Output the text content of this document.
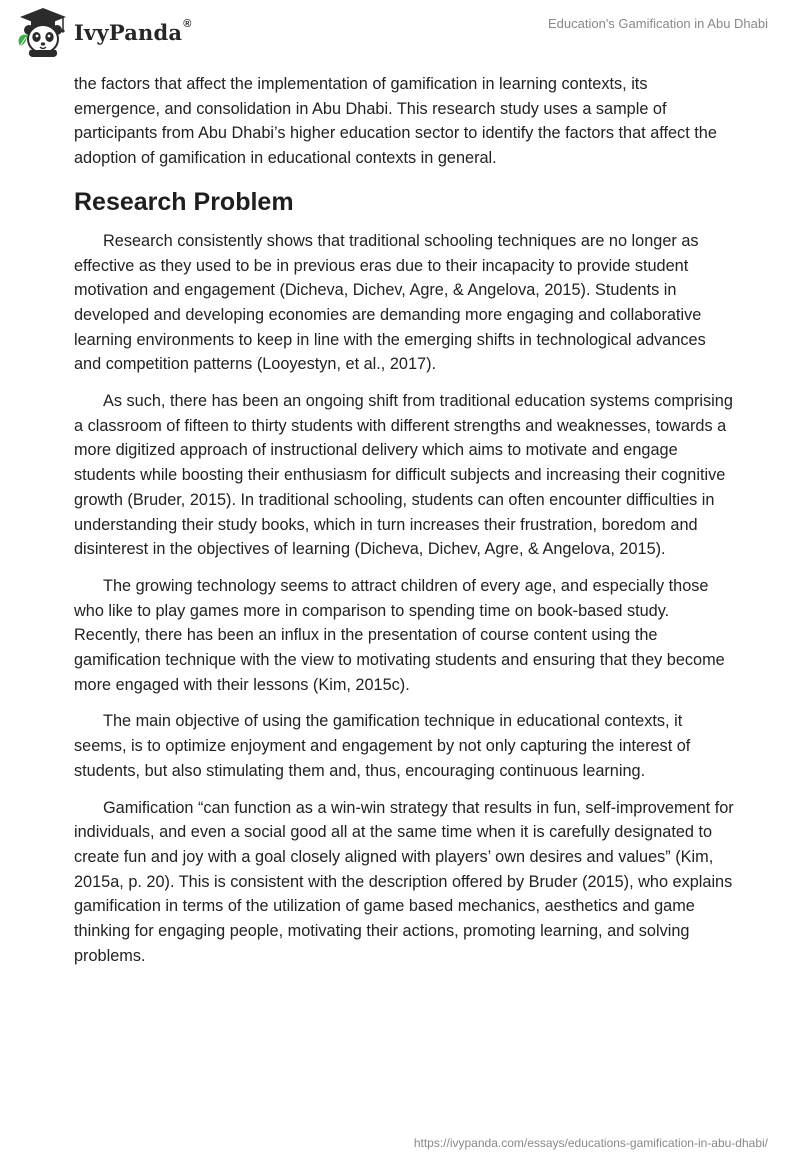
IvyPanda®	Education's Gamification in Abu Dhabi

the factors that affect the implementation of gamification in learning contexts, its emergence, and consolidation in Abu Dhabi. This research study uses a sample of participants from Abu Dhabi’s higher education sector to identify the factors that affect the adoption of gamification in educational contexts in general.

Research Problem

Research consistently shows that traditional schooling techniques are no longer as effective as they used to be in previous eras due to their incapacity to provide student motivation and engagement (Dicheva, Dichev, Agre, & Angelova, 2015). Students in developed and developing economies are demanding more engaging and collaborative learning environments to keep in line with the emerging shifts in technological advances and competition patterns (Looyestyn, et al., 2017).

As such, there has been an ongoing shift from traditional education systems comprising a classroom of fifteen to thirty students with different strengths and weaknesses, towards a more digitized approach of instructional delivery which aims to motivate and engage students while boosting their enthusiasm for difficult subjects and increasing their cognitive growth (Bruder, 2015). In traditional schooling, students can often encounter difficulties in understanding their study books, which in turn increases their frustration, boredom and disinterest in the objectives of learning (Dicheva, Dichev, Agre, & Angelova, 2015).

The growing technology seems to attract children of every age, and especially those who like to play games more in comparison to spending time on book-based study. Recently, there has been an influx in the presentation of course content using the gamification technique with the view to motivating students and ensuring that they become more engaged with their lessons (Kim, 2015c).

The main objective of using the gamification technique in educational contexts, it seems, is to optimize enjoyment and engagement by not only capturing the interest of students, but also stimulating them and, thus, encouraging continuous learning.

Gamification “can function as a win-win strategy that results in fun, self-improvement for individuals, and even a social good all at the same time when it is carefully designated to create fun and joy with a goal closely aligned with players’ own desires and values” (Kim, 2015a, p. 20). This is consistent with the description offered by Bruder (2015), who explains gamification in terms of the utilization of game based mechanics, aesthetics and game thinking for engaging people, motivating their actions, promoting learning, and solving problems.

https://ivypanda.com/essays/educations-gamification-in-abu-dhabi/
